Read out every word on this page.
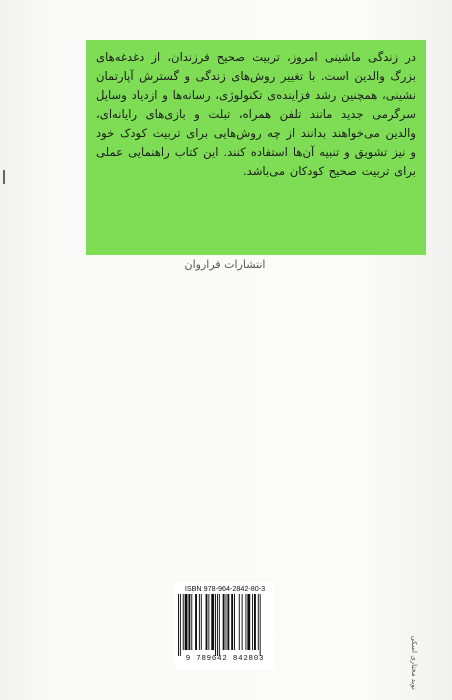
در زندگی ماشینی امروز، تربیت صحیح فرزندان، از دغدغه‌های بزرگ والدین است. با تغییر روش‌های زندگی و گسترش آپارتمان نشینی، همچنین رشد فزاینده‌ی تکنولوژی، رسانه‌ها و ازدیاد وسایل سرگرمی جدید مانند تلفن همراه، تبلت و بازی‌های رایانه‌ای، والدین می‌خواهند بدانند از چه روش‌هایی برای تربیت کودک خود و نیز تشویق و تنبیه آن‌ها استفاده کنند. این کتاب راهنمایی عملی برای تربیت صحیح کودکان می‌باشد.

انتشارات فراروان
ISBN 978-964-2842-80-3
9 789642 842803	نوید مختاری اسکی
